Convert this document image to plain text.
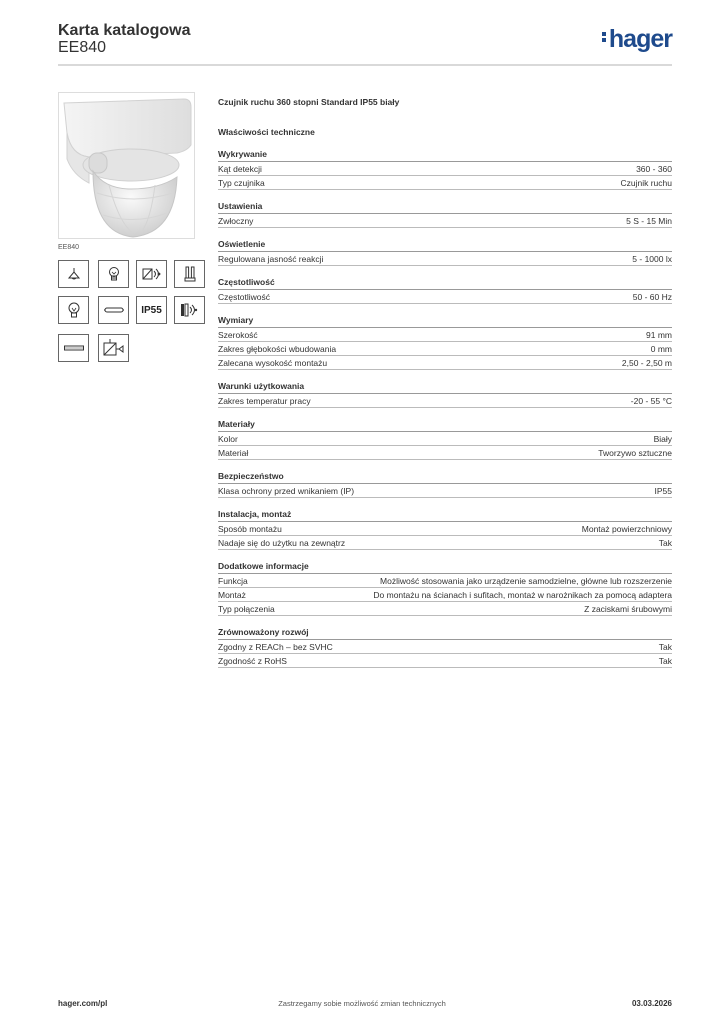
Karta katalogowa
EE840	hager
EE840
IP55
Czujnik ruchu 360 stopni Standard IP55 biały
Właściwości techniczne
Wykrywanie
Kąt detekcji	360 - 360
Typ czujnika	Czujnik ruchu
Ustawienia
Zwłoczny	5 S - 15 Min
Oświetlenie
Regulowana jasność reakcji	5 - 1000 lx
Częstotliwość
Częstotliwość	50 - 60 Hz
Wymiary
Szerokość	91 mm
Zakres głębokości wbudowania	0 mm
Zalecana wysokość montażu	2,50 - 2,50 m
Warunki użytkowania
Zakres temperatur pracy	-20 - 55 °C
Materiały
Kolor	Biały
Materiał	Tworzywo sztuczne
Bezpieczeństwo
Klasa ochrony przed wnikaniem (IP)	IP55
Instalacja, montaż
Sposób montażu	Montaż powierzchniowy
Nadaje się do użytku na zewnątrz	Tak
Dodatkowe informacje
Funkcja	Możliwość stosowania jako urządzenie samodzielne, główne lub rozszerzenie
Montaż	Do montażu na ścianach i sufitach, montaż w narożnikach za pomocą adaptera
Typ połączenia	Z zaciskami śrubowymi
Zrównoważony rozwój
Zgodny z REACh – bez SVHC	Tak
Zgodność z RoHS	Tak
hager.com/pl	Zastrzegamy sobie możliwość zmian technicznych	03.03.2026
